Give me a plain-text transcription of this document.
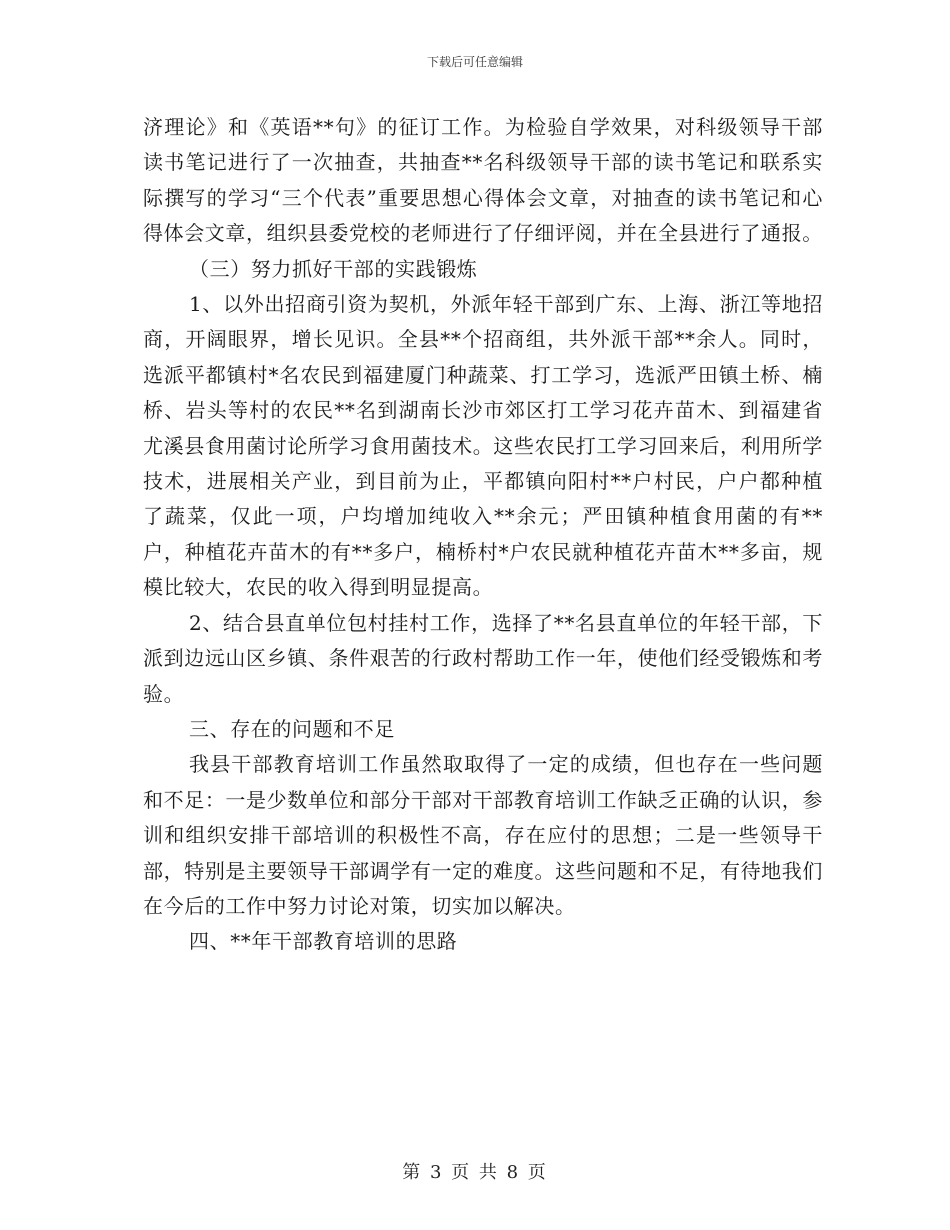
下载后可任意编辑

济理论》和《英语**句》的征订工作。为检验自学效果，对科级领导干部读书笔记进行了一次抽查，共抽查**名科级领导干部的读书笔记和联系实际撰写的学习“三个代表”重要思想心得体会文章，对抽查的读书笔记和心得体会文章，组织县委党校的老师进行了仔细评阅，并在全县进行了通报。

（三）努力抓好干部的实践锻炼

1、以外出招商引资为契机，外派年轻干部到广东、上海、浙江等地招商，开阔眼界，增长见识。全县**个招商组，共外派干部**余人。同时，选派平都镇村*名农民到福建厦门种蔬菜、打工学习，选派严田镇土桥、楠桥、岩头等村的农民**名到湖南长沙市郊区打工学习花卉苗木、到福建省尤溪县食用菌讨论所学习食用菌技术。这些农民打工学习回来后，利用所学技术，进展相关产业，到目前为止，平都镇向阳村**户村民，户户都种植了蔬菜，仅此一项，户均增加纯收入**余元；严田镇种植食用菌的有**户，种植花卉苗木的有**多户，楠桥村*户农民就种植花卉苗木**多亩，规模比较大，农民的收入得到明显提高。

2、结合县直单位包村挂村工作，选择了**名县直单位的年轻干部，下派到边远山区乡镇、条件艰苦的行政村帮助工作一年，使他们经受锻炼和考验。

三、存在的问题和不足

我县干部教育培训工作虽然取取得了一定的成绩，但也存在一些问题和不足：一是少数单位和部分干部对干部教育培训工作缺乏正确的认识，参训和组织安排干部培训的积极性不高，存在应付的思想；二是一些领导干部，特别是主要领导干部调学有一定的难度。这些问题和不足，有待地我们在今后的工作中努力讨论对策，切实加以解决。

四、**年干部教育培训的思路

第 3 页 共 8 页
